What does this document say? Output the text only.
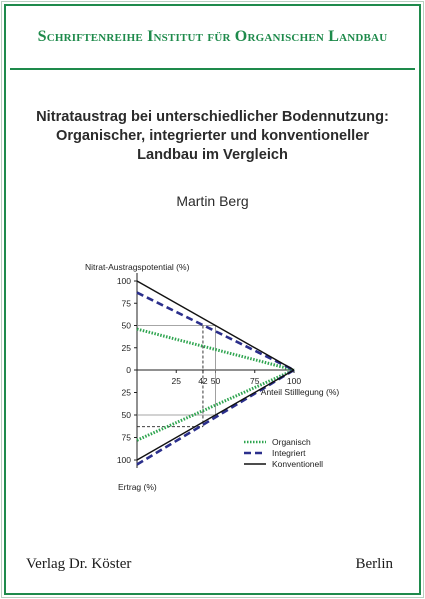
Schriftenreihe Institut für Organischen Landbau
Nitrataustrag bei unterschiedlicher Bodennutzung:
Organischer, integrierter und konventioneller
Landbau im Vergleich
Martin Berg
100
75
50
25
0
25
50
75
100
25 42 50	75	100
Nitrat-Austragspotential (%)
Ertrag (%)
Anteil Stilllegung (%)
Organisch
Integriert
Konventionell
Verlag Dr. Köster	Berlin
